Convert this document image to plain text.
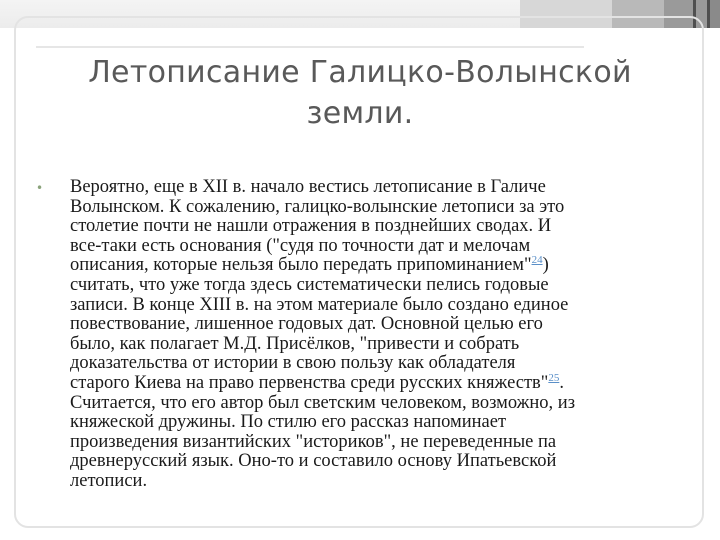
Летописание Галицко-Волынской
земли.
• Вероятно, еще в XII в. начало вестись летописание в Галиче
Волынском. К сожалению, галицко-волынские летописи за это
столетие почти не нашли отражения в позднейших сводах. И
все-таки есть основания ("судя по точности дат и мелочам
описания, которые нельзя было передать припоминанием"$^{24}$)
считать, что уже тогда здесь систематически пелись годовые
записи. В конце XIII в. на этом материале было создано единое
повествование, лишенное годовых дат. Основной целью его
было, как полагает М.Д. Присёлков, "привести и собрать
доказательства от истории в свою пользу как обладателя
старого Киева на право первенства среди русских княжеств"$^{25}$.
Считается, что его автор был светским человеком, возможно, из
княжеской дружины. По стилю его рассказ напоминает
произведения византийских "историков", не переведенные па
древнерусский язык. Оно-то и составило основу Ипатьевской
летописи.
